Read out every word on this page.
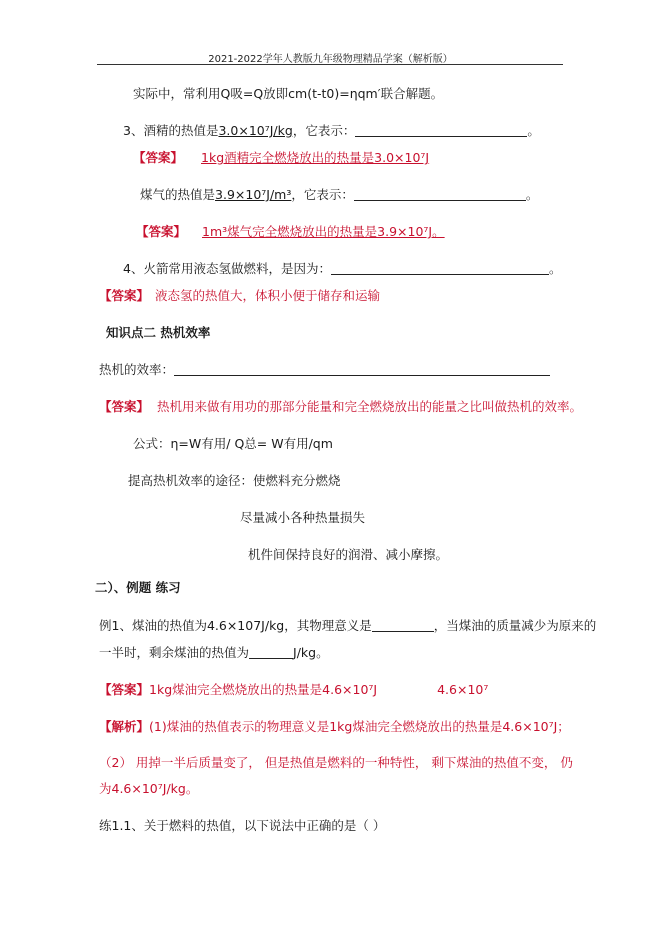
2021-2022学年人教版九年级物理精品学案（解析版）
实际中，常利用Q吸=Q放即cm(t-t0)=ηqm′联合解题。
3、酒精的热值是3.0×10⁷J/kg，它表示：	。
【答案】 1kg酒精完全燃烧放出的热量是3.0×10⁷J
煤气的热值是3.9×10⁷J/m³，它表示：	。
【答案】 1m³煤气完全燃烧放出的热量是3.9×10⁷J。
4、火箭常用液态氢做燃料，是因为：	。
【答案】 液态氢的热值大，体积小便于储存和运输
知识点二 热机效率
热机的效率：
【答案】 热机用来做有用功的那部分能量和完全燃烧放出的能量之比叫做热机的效率。
公式：η=W有用/ Q总= W有用/qm
提高热机效率的途径：使燃料充分燃烧
尽量减小各种热量损失
机件间保持良好的润滑、减小摩擦。
二）、例题 练习
例1、煤油的热值为4.6×107J/kg，其物理意义是	，当煤油的质量减少为原来的
一半时，剩余煤油的热值为	J/kg。
【答案】1kg煤油完全燃烧放出的热量是4.6×10⁷J	4.6×10⁷
【解析】(1)煤油的热值表示的物理意义是1kg煤油完全燃烧放出的热量是4.6×10⁷J；
（2） 用掉一半后质量变了， 但是热值是燃料的一种特性， 剩下煤油的热值不变， 仍
为4.6×10⁷J/kg。
练1.1、关于燃料的热值，以下说法中正确的是（ ）
